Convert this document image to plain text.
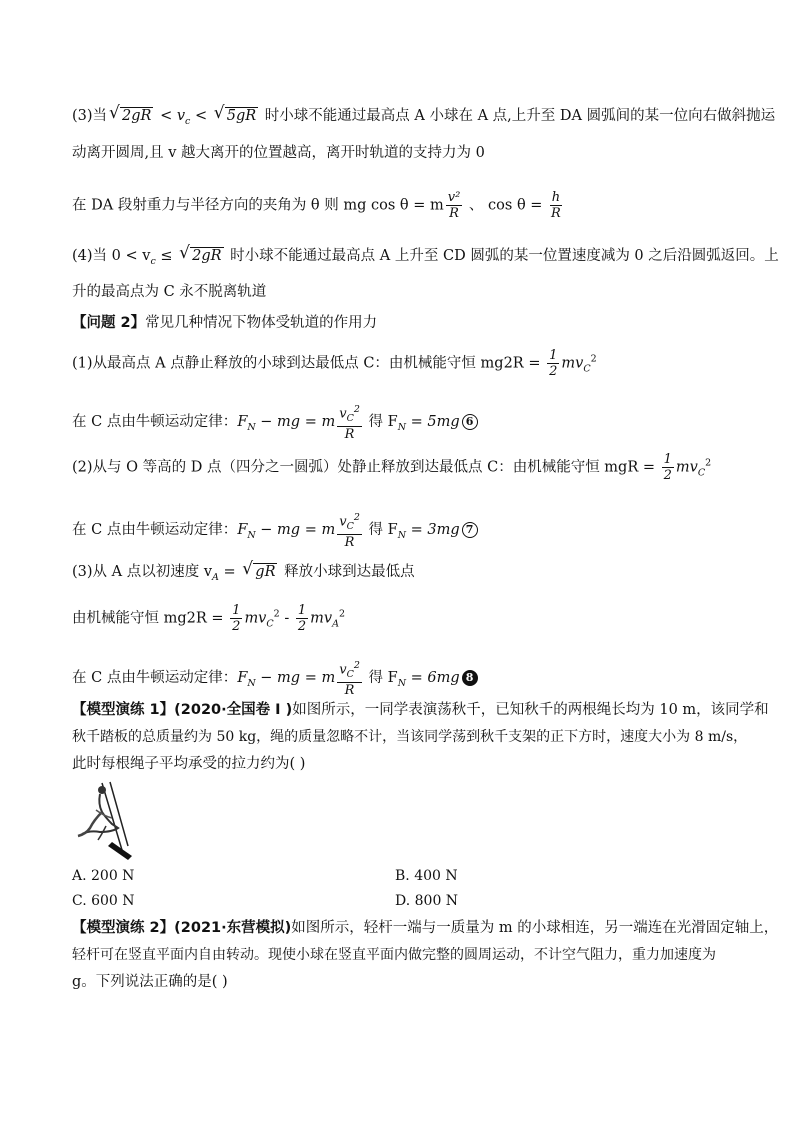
(3)当√ $2gR < v_c$ < √ 5gR 时小球不能通过最高点 A 小球在 A 点,上升至 DA 圆弧间的某一位向右做斜抛运
动离开圆周,且 v 越大离开的位置越高，离开时轨道的支持力为 0
在 DA 段射重力与半径方向的夹角为 θ 则 mg cos θ = m $\frac{\text{v²}}{R}$ 、 $\cos \theta = \frac{h}{R}$
(4)当 $0 < v_c$ ≤ √ 2gR 时小球不能通过最高点 A 上升至 CD 圆弧的某一位置速度减为 0 之后沿圆弧返回。上
升的最高点为 C 永不脱离轨道
【问题 2】常见几种情况下物体受轨道的作用力
(1)从最高点 A 点静止释放的小球到达最低点 C：由机械能守恒 $mg2R = \frac{1}{2} mv_C^2$
在 C 点由牛顿运动定律：$F_N$ − mg = m $\frac{v_C^2}{R}$ 得 $F_N = 5mg$ 6
(2)从与 O 等高的 D 点（四分之一圆弧）处静止释放到达最低点 C：由机械能守恒 mgR = $\frac{1}{2} mv_C^2$
在 C 点由牛顿运动定律：$F_N$ − mg = m $\frac{v_C^2}{R}$ 得 $F_N = 3mg$ 7
(3)从 A 点以初速度 $v_A$ = √ gR 释放小球到达最低点
由机械能守恒 $mg2R = \frac{1}{2} mv_C^2 - \frac{1}{2} mv_A^2$
在 C 点由牛顿运动定律：$F_N$ − mg = m $\frac{v_C^2}{R}$ 得 $F_N = 6mg$ 8
【模型演练 1】(2020·全国卷 I )如图所示，一同学表演荡秋千，已知秋千的两根绳长均为 10 m，该同学和
秋千踏板的总质量约为 50 kg，绳的质量忽略不计，当该同学荡到秋千支架的正下方时，速度大小为 8 m/s，
此时每根绳子平均承受的拉力约为( )
A. 200 N	B. 400 N
C. 600 N	D. 800 N
【模型演练 2】(2021·东营模拟)如图所示，轻杆一端与一质量为 m 的小球相连，另一端连在光滑固定轴上，
轻杆可在竖直平面内自由转动。现使小球在竖直平面内做完整的圆周运动，不计空气阻力，重力加速度为
g。下列说法正确的是( )
